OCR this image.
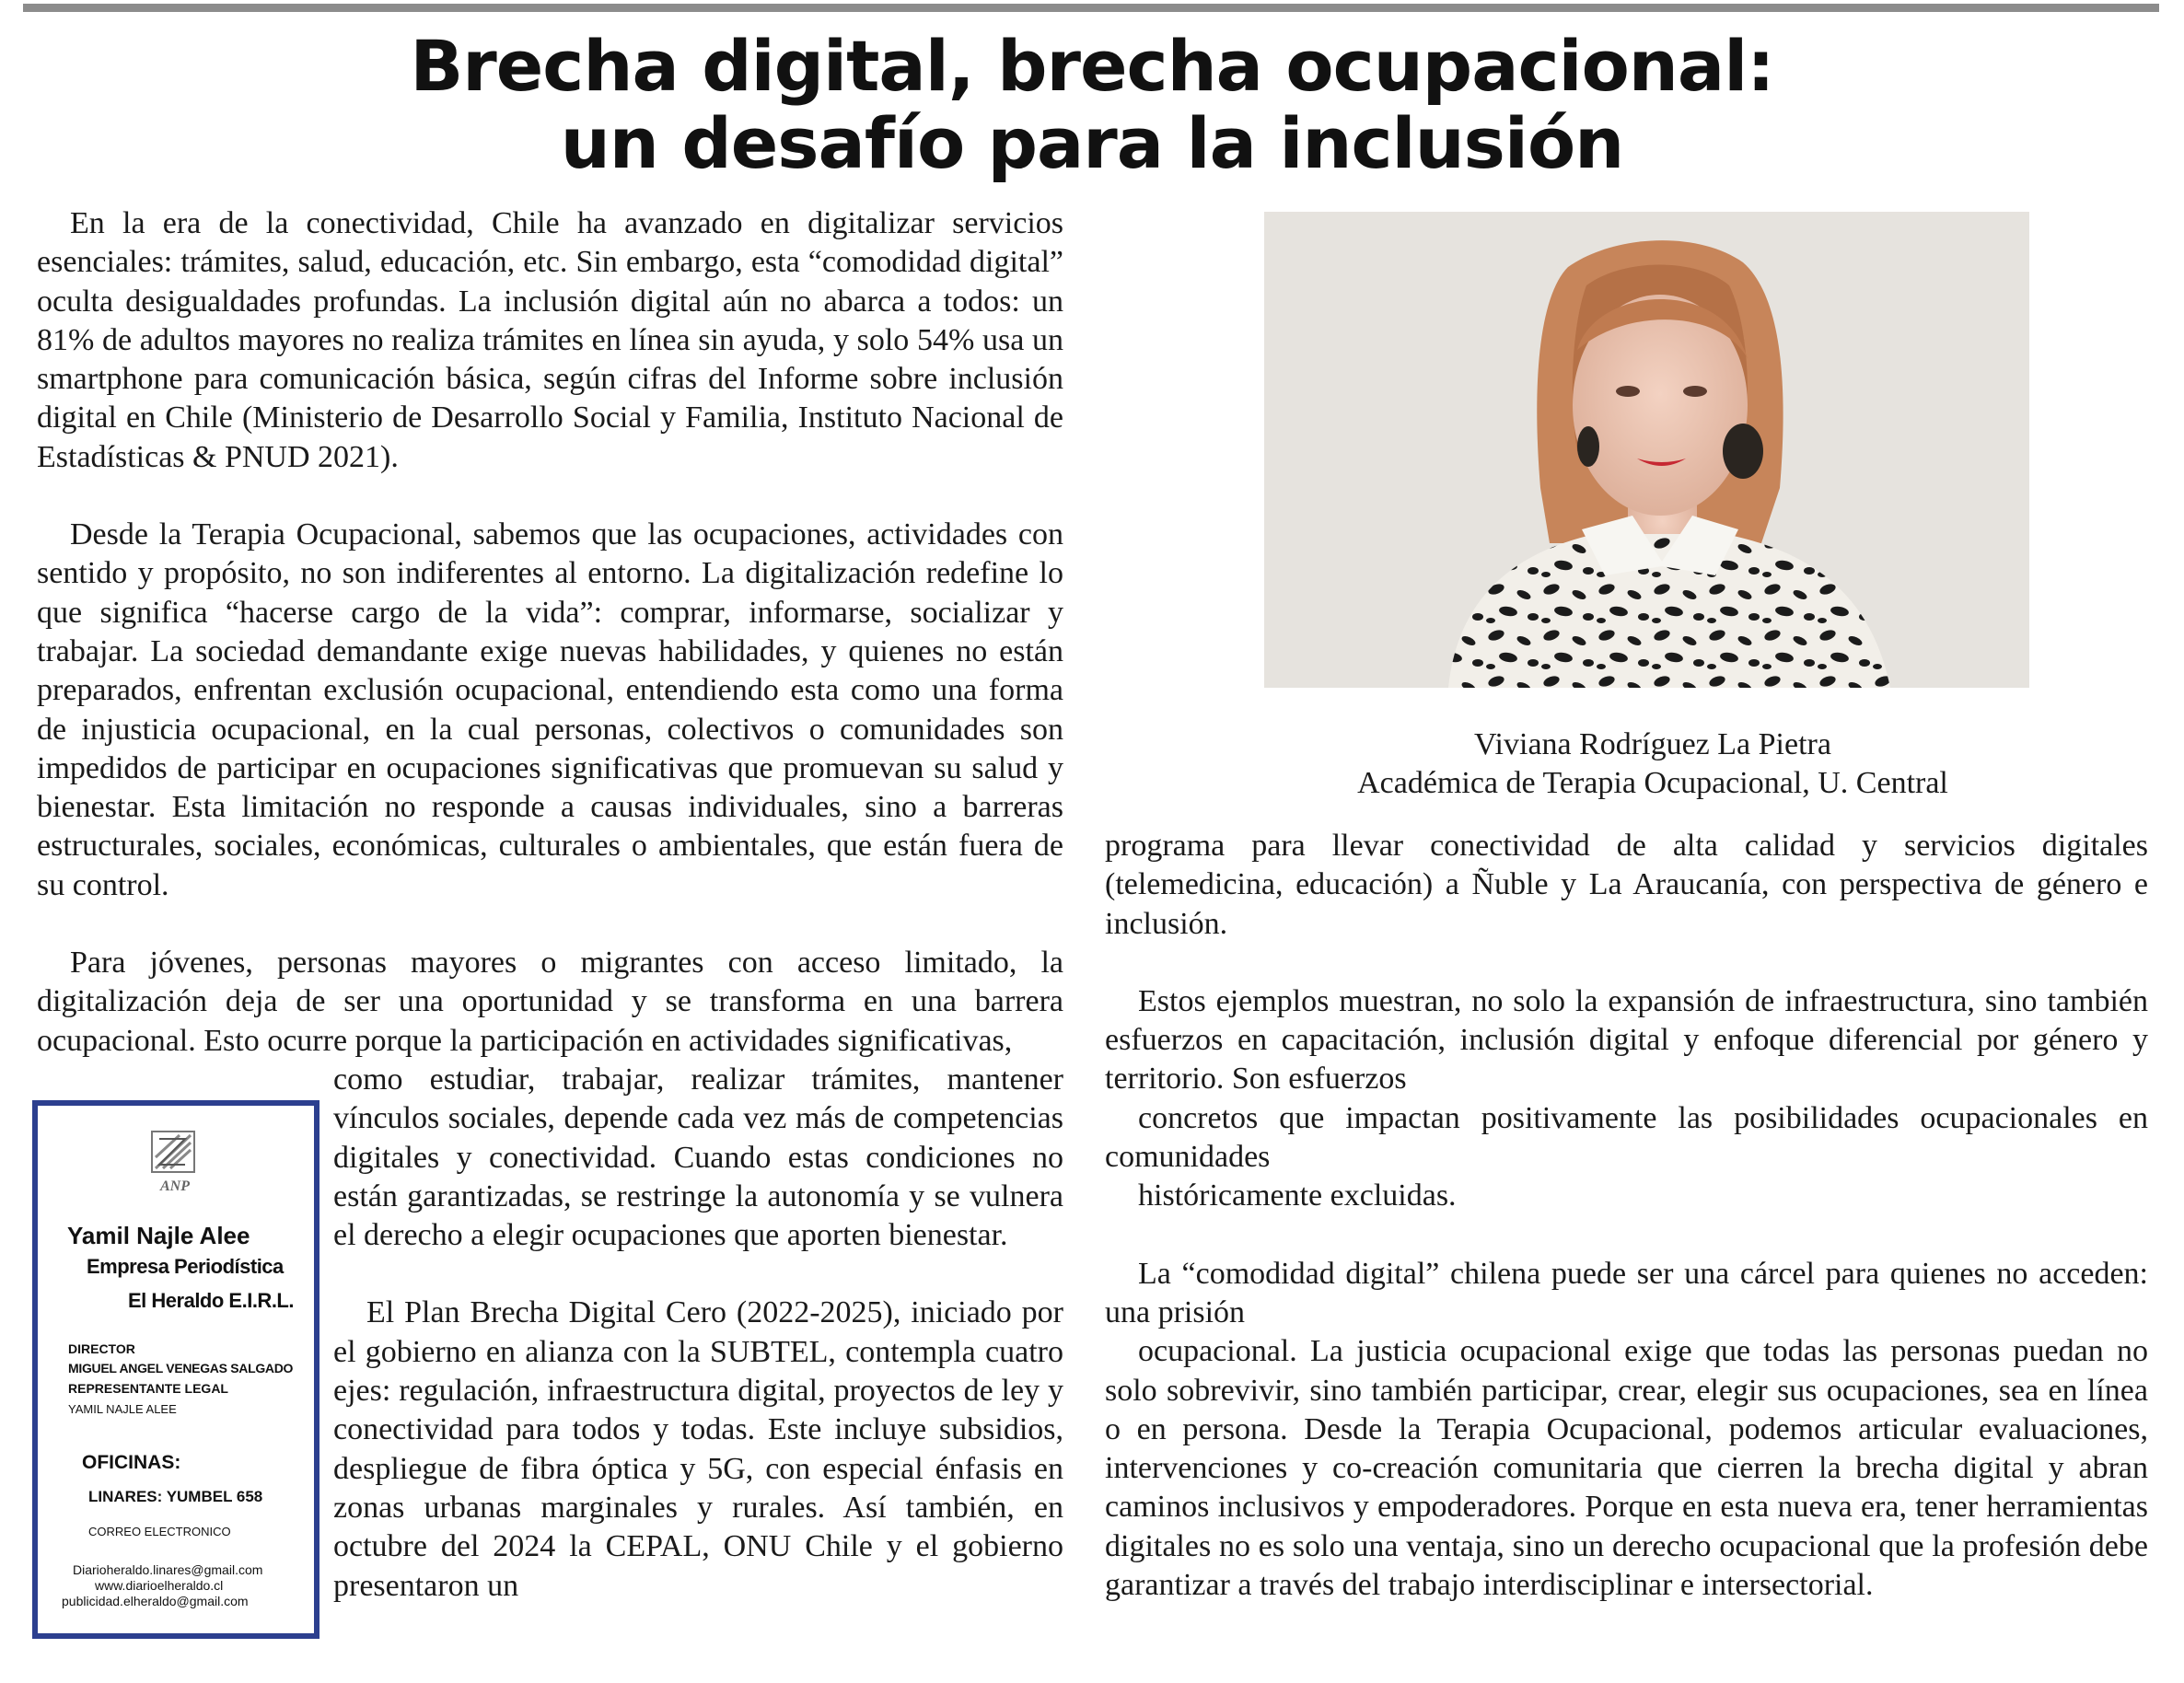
Brecha digital, brecha ocupacional:
un desafío para la inclusión

En la era de la conectividad, Chile ha avanzado en digitalizar servicios esenciales: trámites, salud, educación, etc. Sin embargo, esta “comodidad digital” oculta desigualdades profundas. La inclusión digital aún no abarca a todos: un 81% de adultos mayores no realiza trámites en línea sin ayuda, y solo 54% usa un smartphone para comunicación básica, según cifras del Informe sobre inclusión digital en Chile (Ministerio de Desarrollo Social y Familia, Instituto Nacional de Estadísticas & PNUD 2021).

Desde la Terapia Ocupacional, sabemos que las ocupaciones, actividades con sentido y propósito, no son indiferentes al entorno. La digitalización redefine lo que significa “hacerse cargo de la vida”: comprar, informarse, socializar y trabajar. La sociedad demandante exige nuevas habilidades, y quienes no están preparados, enfrentan exclusión ocupacional, entendiendo esta como una forma de injusticia ocupacional, en la cual personas, colectivos o comunidades son impedidos de participar en ocupaciones significativas que promuevan su salud y bienestar. Esta limitación no responde a causas individuales, sino a barreras estructurales, sociales, económicas, culturales o ambientales, que están fuera de su control.

Para jóvenes, personas mayores o migrantes con acceso limitado, la digitalización deja de ser una oportunidad y se transforma en una barrera ocupacional. Esto ocurre porque la participación en actividades significativas,

como estudiar, trabajar, realizar trámites, mantener vínculos sociales, depende cada vez más de competencias digitales y conectividad. Cuando estas condiciones no están garantizadas, se restringe la autonomía y se vulnera el derecho a elegir ocupaciones que aporten bienestar.

El Plan Brecha Digital Cero (2022-2025), iniciado por el gobierno en alianza con la SUBTEL, contempla cuatro ejes: regulación, infraestructura digital, proyectos de ley y conectividad para todos y todas. Este incluye subsidios, despliegue de fibra óptica y 5G, con especial énfasis en zonas urbanas marginales y rurales. Así también, en octubre del 2024 la CEPAL, ONU Chile y el gobierno presentaron un

Viviana Rodríguez La Pietra
Académica de Terapia Ocupacional, U. Central

programa para llevar conectividad de alta calidad y servicios digitales (telemedicina, educación) a Ñuble y La Araucanía, con perspectiva de género e inclusión.

Estos ejemplos muestran, no solo la expansión de infraestructura, sino también esfuerzos en capacitación, inclusión digital y enfoque diferencial por género y territorio. Son esfuerzos

concretos que impactan positivamente las posibilidades ocupacionales en comunidades

históricamente excluidas.

La “comodidad digital” chilena puede ser una cárcel para quienes no acceden: una prisión

ocupacional. La justicia ocupacional exige que todas las personas puedan no solo sobrevivir, sino también participar, crear, elegir sus ocupaciones, sea en línea o en persona. Desde la Terapia Ocupacional, podemos articular evaluaciones, intervenciones y co-creación comunitaria que cierren la brecha digital y abran caminos inclusivos y empoderadores. Porque en esta nueva era, tener herramientas digitales no es solo una ventaja, sino un derecho ocupacional que la profesión debe garantizar a través del trabajo interdisciplinar e intersectorial.

ANP
Yamil Najle Alee
Empresa Periodística
El Heraldo E.I.R.L.
DIRECTOR
MIGUEL ANGEL VENEGAS SALGADO
REPRESENTANTE LEGAL
YAMIL NAJLE ALEE
OFICINAS:
LINARES: YUMBEL 658
CORREO ELECTRONICO
Diarioheraldo.linares@gmail.com
www.diarioelheraldo.cl
publicidad.elheraldo@gmail.com
